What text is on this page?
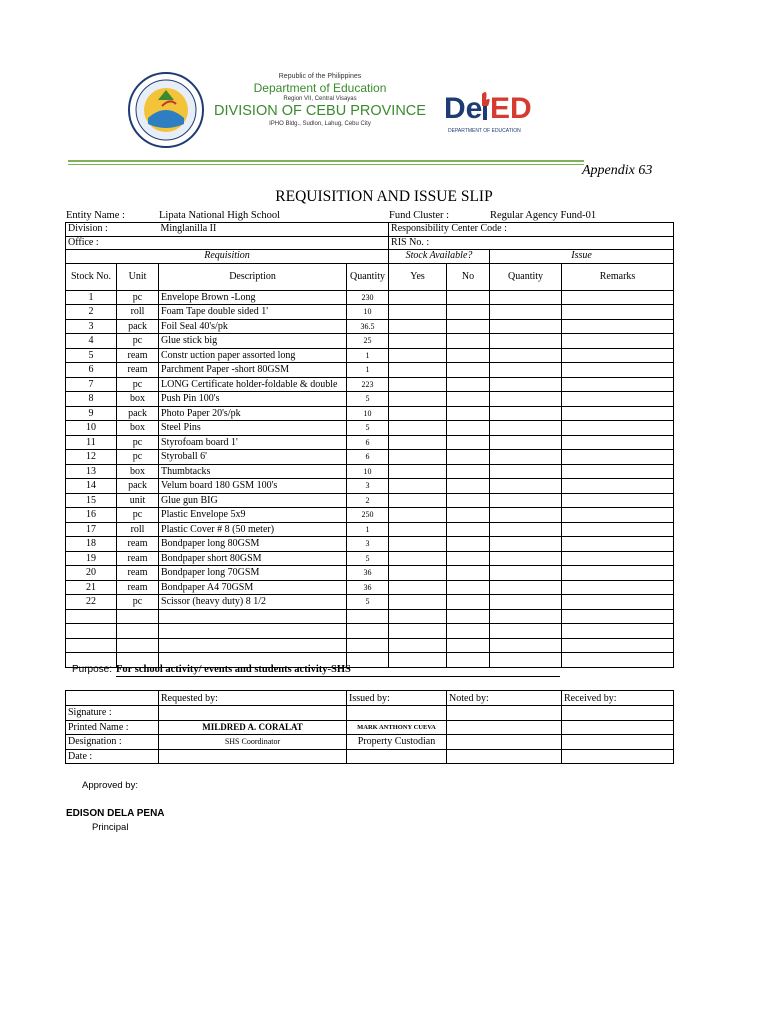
Republic of the Philippines
Department of Education
Region VII, Central Visayas
DIVISION OF CEBU PROVINCE
IPHO Bldg., Sudlon, Lahug, Cebu City	De ED
DEPARTMENT OF EDUCATION
Appendix 63
REQUISITION AND ISSUE SLIP
Entity Name :	Lipata National High School	Fund Cluster :	Regular Agency Fund-01
Division :		Minglanilla II		Responsibility Center Code :			
Office :				RIS No. :			
Requisition				Stock Available?		Issue	
Stock No.	Unit	Description	Quantity	Yes	No	Quantity	Remarks
1	pc	Envelope Brown -Long	230				
2	roll	Foam Tape double sided 1'	10				
3	pack	Foil Seal 40's/pk	36.5				
4	pc	Glue stick big	25				
5	ream	Constr uction paper assorted long	1				
6	ream	Parchment Paper -short 80GSM	1				
7	pc	LONG Certificate holder-foldable & double	223				
8	box	Push Pin 100's	5				
9	pack	Photo Paper 20's/pk	10				
10	box	Steel Pins	5				
11	pc	Styrofoam board 1'	6				
12	pc	Styroball 6'	6				
13	box	Thumbtacks	10				
14	pack	Velum board 180 GSM 100's	3				
15	unit	Glue gun BIG	2				
16	pc	Plastic Envelope 5x9	250				
17	roll	Plastic Cover # 8 (50 meter)	1				
18	ream	Bondpaper long 80GSM	3				
19	ream	Bondpaper short 80GSM	5				
20	ream	Bondpaper long 70GSM	36				
21	ream	Bondpaper A4 70GSM	36				
22	pc	Scissor (heavy duty) 8 1/2	5				

Purpose: For school activity/ events and students activity-SHS
	Requested by:	Issued by:	Noted by:	Received by:
Signature :				
Printed Name :	MILDRED A. CORALAT	MARK ANTHONY CUEVA		
Designation :	SHS Coordinator	Property Custodian		
Date :				
Approved by:
EDISON DELA PENA
Principal
